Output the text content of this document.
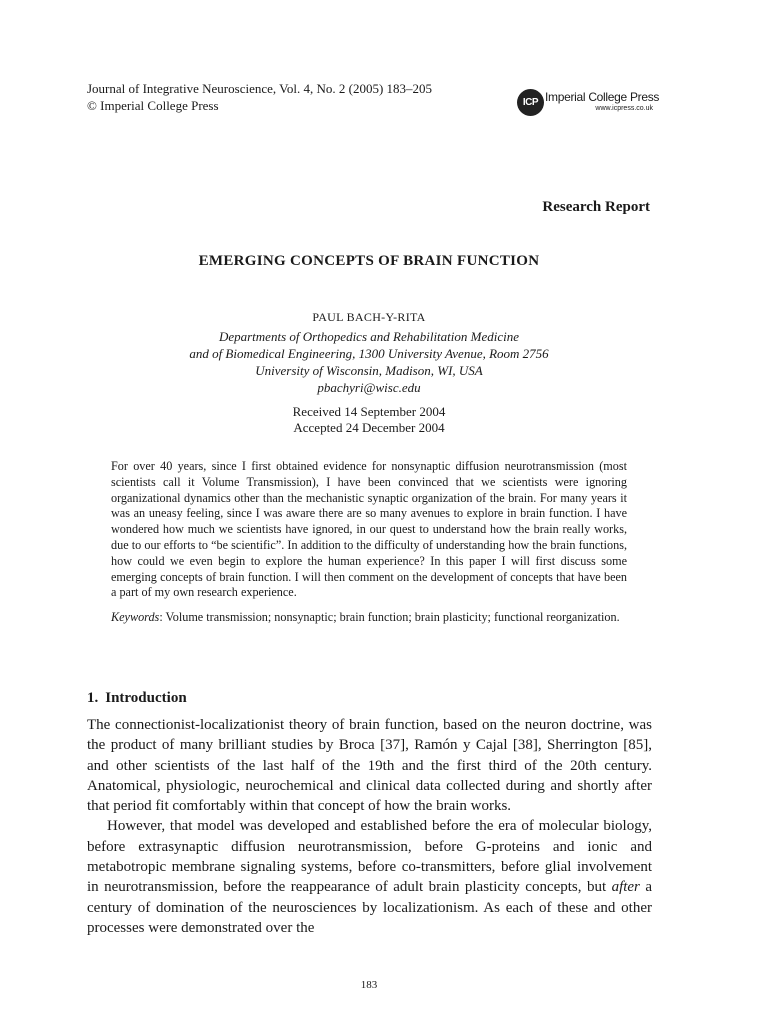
Journal of Integrative Neuroscience, Vol. 4, No. 2 (2005) 183–205
© Imperial College Press	ICP Imperial College Press
www.icpress.co.uk
Research Report
EMERGING CONCEPTS OF BRAIN FUNCTION
PAUL BACH-Y-RITA
Departments of Orthopedics and Rehabilitation Medicine
and of Biomedical Engineering, 1300 University Avenue, Room 2756
University of Wisconsin, Madison, WI, USA
pbachyri@wisc.edu
Received 14 September 2004
Accepted 24 December 2004

For over 40 years, since I first obtained evidence for nonsynaptic diffusion neurotransmission (most scientists call it Volume Transmission), I have been convinced that we scientists were ignoring organizational dynamics other than the mechanistic synaptic organization of the brain. For many years it was an uneasy feeling, since I was aware there are so many avenues to explore in brain function. I have wondered how much we scientists have ignored, in our quest to understand how the brain really works, due to our efforts to “be scientific”. In addition to the difficulty of understanding how the brain functions, how could we even begin to explore the human experience? In this paper I will first discuss some emerging concepts of brain function. I will then comment on the development of concepts that have been a part of my own research experience.

Keywords: Volume transmission; nonsynaptic; brain function; brain plasticity; functional reorganization.

1. Introduction

The connectionist-localizationist theory of brain function, based on the neuron doctrine, was the product of many brilliant studies by Broca [37], Ramón y Cajal [38], Sherrington [85], and other scientists of the last half of the 19th and the first third of the 20th century. Anatomical, physiologic, neurochemical and clinical data collected during and shortly after that period fit comfortably within that concept of how the brain works.

However, that model was developed and established before the era of molecular biology, before extrasynaptic diffusion neurotransmission, before G-proteins and ionic and metabotropic membrane signaling systems, before co-transmitters, before glial involvement in neurotransmission, before the reappearance of adult brain plasticity concepts, but after a century of domination of the neurosciences by localizationism. As each of these and other processes were demonstrated over the

183
